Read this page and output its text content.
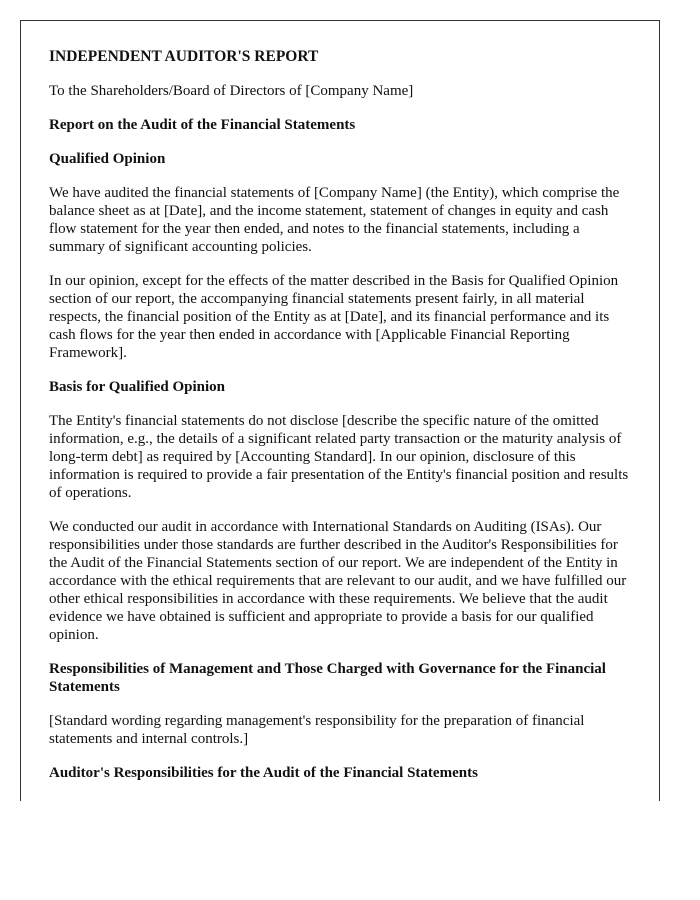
INDEPENDENT AUDITOR'S REPORT

To the Shareholders/Board of Directors of [Company Name]

Report on the Audit of the Financial Statements
Qualified Opinion

We have audited the financial statements of [Company Name] (the Entity), which comprise the balance sheet as at [Date], and the income statement, statement of changes in equity and cash flow statement for the year then ended, and notes to the financial statements, including a summary of significant accounting policies.

In our opinion, except for the effects of the matter described in the Basis for Qualified Opinion section of our report, the accompanying financial statements present fairly, in all material respects, the financial position of the Entity as at [Date], and its financial performance and its cash flows for the year then ended in accordance with [Applicable Financial Reporting Framework].

Basis for Qualified Opinion

The Entity's financial statements do not disclose [describe the specific nature of the omitted information, e.g., the details of a significant related party transaction or the maturity analysis of long-term debt] as required by [Accounting Standard]. In our opinion, disclosure of this information is required to provide a fair presentation of the Entity's financial position and results of operations.

We conducted our audit in accordance with International Standards on Auditing (ISAs). Our responsibilities under those standards are further described in the Auditor's Responsibilities for the Audit of the Financial Statements section of our report. We are independent of the Entity in accordance with the ethical requirements that are relevant to our audit, and we have fulfilled our other ethical responsibilities in accordance with these requirements. We believe that the audit evidence we have obtained is sufficient and appropriate to provide a basis for our qualified opinion.

Responsibilities of Management and Those Charged with Governance for the Financial Statements

[Standard wording regarding management's responsibility for the preparation of financial statements and internal controls.]

Auditor's Responsibilities for the Audit of the Financial Statements
